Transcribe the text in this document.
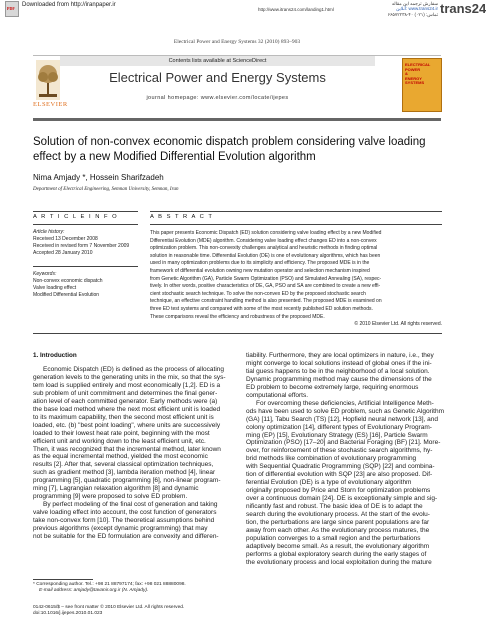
PDF
Downloaded from http://iranpaper.ir
http://www.itrans24.com/landing1.html
سفارش ترجمه این مقاله
آنلاین: www.trans24.ir
تماس: (۰۲۱) ۴۰-۶۶۵۷۲۲۳۸ trans24
Electrical Power and Energy Systems 32 (2010) 893–903
Contents lists available at ScienceDirect
ELSEVIER
Electrical Power and Energy Systems
journal homepage: www.elsevier.com/locate/ijepes
ELECTRICAL
POWER
&
ENERGY
SYSTEMS
Solution of non-convex economic dispatch problem considering valve loading
effect by a new Modified Differential Evolution algorithm
Nima Amjady *, Hossein Sharifzadeh
Department of Electrical Engineering, Semnan University, Semnan, Iran
A R T I C L E I N F O
Article history:
Received 13 December 2008
Received in revised form 7 November 2009
Accepted 28 January 2010
Keywords:
Non-convex economic dispatch
Valve loading effect
Modified Differential Evolution
A B S T R A C T
This paper presents Economic Dispatch (ED) solution considering valve loading effect by a new Modified
Differential Evolution (MDE) algorithm. Considering valve loading effect changes ED into a non-convex
optimization problem. This non-convexity challenges analytical and heuristic methods in finding optimal
solution in reasonable time. Differential Evolution (DE) is one of evolutionary algorithms, which has been
used in many optimization problems due to its simplicity and efficiency. The proposed MDE is in the
framework of differential evolution owning new mutation operator and selection mechanism inspired
from Genetic Algorithm (GA), Particle Swarm Optimization (PSO) and Simulated Annealing (SA), respec-
tively. In other words, positive characteristics of DE, GA, PSO and SA are combined to create a new effi-
cient stochastic search technique. To solve the non-convex ED by the proposed stochastic search
technique, an effective constraint handling method is also presented. The proposed MDE is examined on
three ED test systems and compared with some of the most recently published ED solution methods.
These comparisons reveal the efficiency and robustness of the proposed MDE.
© 2010 Elsevier Ltd. All rights reserved.
1. Introduction
Economic Dispatch (ED) is defined as the process of allocating
generation levels to the generating units in the mix, so that the sys-
tem load is supplied entirely and most economically [1,2]. ED is a
sub problem of unit commitment and determines the final gener-
ation level of each committed generator. Early methods were (a)
the base load method where the next most efficient unit is loaded
to its maximum capability, then the second most efficient unit is
loaded, etc. (b) "best point loading", where units are successively
loaded to their lowest heat rate point, beginning with the most
efficient unit and working down to the least efficient unit, etc.
Then, it was recognized that the incremental method, later known
as the equal incremental method, yielded the most economic
results [2]. After that, several classical optimization techniques,
such as gradient method [3], lambda iteration method [4], linear
programming [5], quadratic programming [6], non-linear program-
ming [7], Lagrangian relaxation algorithm [8] and dynamic
programming [9] were proposed to solve ED problem.
By perfect modeling of the final cost of generation and taking
valve loading effect into account, the cost function of generators
take non-convex form [10]. The theoretical assumptions behind
previous algorithms (except dynamic programming) that may
not be suitable for the ED formulation are convexity and differen-
tiability. Furthermore, they are local optimizers in nature, i.e., they
might converge to local solutions instead of global ones if the ini-
tial guess happens to be in the neighborhood of a local solution.
Dynamic programming method may cause the dimensions of the
ED problem to become extremely large, requiring enormous
computational efforts.
For overcoming these deficiencies, Artificial Intelligence Meth-
ods have been used to solve ED problem, such as Genetic Algorithm
(GA) [11], Tabu Search (TS) [12], Hopfield neural network [13], and
colony optimization [14], different types of Evolutionary Program-
ming (EP) [15], Evolutionary Strategy (ES) [16], Particle Swarm
Optimization (PSO) [17–20] and Bacterial Foraging (BF) [21]. More-
over, for reinforcement of these stochastic search algorithms, hy-
brid methods like combination of evolutionary programming
with Sequential Quadratic Programming (SQP) [22] and combina-
tion of differential evolution with SQP [23] are also proposed. Dif-
ferential Evolution (DE) is a type of evolutionary algorithm
originally proposed by Price and Storn for optimization problems
over a continuous domain [24]. DE is exceptionally simple and sig-
nificantly fast and robust. The basic idea of DE is to adapt the
search during the evolutionary process. At the start of the evolu-
tion, the perturbations are large since parent populations are far
away from each other. As the evolutionary process matures, the
population converges to a small region and the perturbations
adaptively become small. As a result, the evolutionary algorithm
performs a global exploratory search during the early stages of
the evolutionary process and local exploitation during the mature
* Corresponding author. Tel.: +98 21 88797174; fax: +98 021 88880098.
E-mail address: amjady@tavanir.org.ir (N. Amjady).
0142-0615/$ – see front matter © 2010 Elsevier Ltd. All rights reserved.
doi:10.1016/j.ijepes.2010.01.023
